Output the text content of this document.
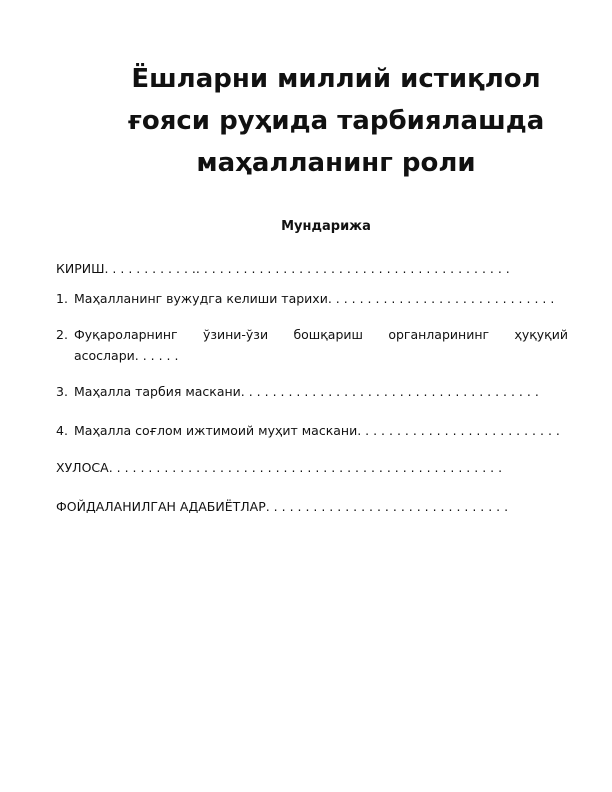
Ёшларни миллий истиқлол
ғояси руҳида тарбиялашда
маҳалланинг роли
Мундарижа
КИРИШ. . . . . . . . . . . .. . . . . . . . . . . . . . . . . . . . . . . . . . . . . . . . . . . . . . . .
1. Маҳалланинг вужудга келиши тарихи. . . . . . . . . . . . . . . . . . . . . . . . . . . . .
2. Фуқароларнинг ўзини-ўзи бошқариш органларининг ҳуқуқий
асослари. . . . . .
3. Маҳалла тарбия маскани. . . . . . . . . . . . . . . . . . . . . . . . . . . . . . . . . . . . . .
4. Маҳалла соғлом ижтимоий муҳит маскани. . . . . . . . . . . . . . . . . . . . . . . . . .
ХУЛОСА. . . . . . . . . . . . . . . . . . . . . . . . . . . . . . . . . . . . . . . . . . . . . . . . . .
ФОЙДАЛАНИЛГАН АДАБИЁТЛАР. . . . . . . . . . . . . . . . . . . . . . . . . . . . . . .
